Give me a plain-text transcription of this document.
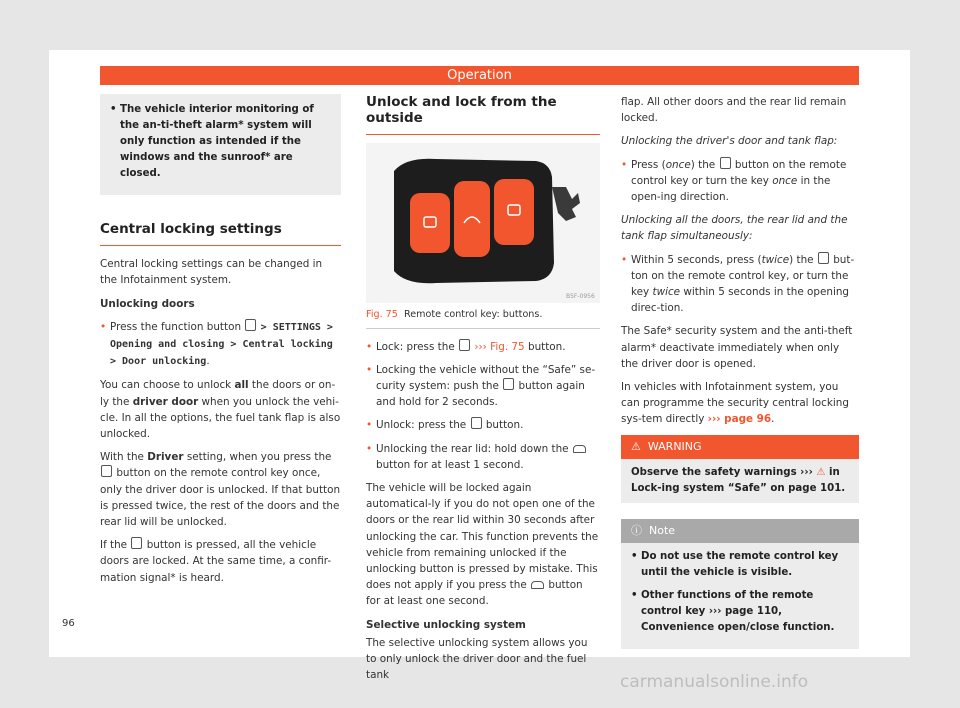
Operation
• The vehicle interior monitoring of the an-ti-theft alarm* system will only function as intended if the windows and the sunroof* are closed.
Central locking settings

Central locking settings can be changed in the Infotainment system.

Unlocking doors

• Press the function button > SETTINGS > Opening and closing > Central locking > Door unlocking.

You can choose to unlock all the doors or on-ly the driver door when you unlock the vehi-cle. In all the options, the fuel tank flap is also unlocked.

With the Driver setting, when you press the  button on the remote control key once, only the driver door is unlocked. If that button is pressed twice, the rest of the doors and the rear lid will be unlocked.

If the button is pressed, all the vehicle doors are locked. At the same time, a confir-mation signal* is heard.

Unlock and lock from the outside
B5F-0956
Fig. 75 Remote control key: buttons.
• Lock: press the ››› Fig. 75 button.
• Locking the vehicle without the “Safe” se-curity system: push the button again and hold for 2 seconds.
• Unlock: press the button.
• Unlocking the rear lid: hold down the  button for at least 1 second.

The vehicle will be locked again automatical-ly if you do not open one of the doors or the rear lid within 30 seconds after unlocking the car. This function prevents the vehicle from remaining unlocked if the unlocking button is pressed by mistake. This does not apply if you press the button for at least one second.

Selective unlocking system

The selective unlocking system allows you to only unlock the driver door and the fuel tank

flap. All other doors and the rear lid remain locked.

Unlocking the driver's door and tank flap:

• Press (once) the button on the remote control key or turn the key once in the open-ing direction.

Unlocking all the doors, the rear lid and the tank flap simultaneously:

• Within 5 seconds, press (twice) the but-ton on the remote control key, or turn the key twice within 5 seconds in the opening direc-tion.

The Safe* security system and the anti-theft alarm* deactivate immediately when only the driver door is opened.

In vehicles with Infotainment system, you can programme the security central locking sys-tem directly ››› page 96.

⚠ WARNING
Observe the safety warnings ››› ⚠ in Lock-ing system “Safe” on page 101.
ⓘ Note
• Do not use the remote control key until the vehicle is visible.
• Other functions of the remote control key ››› page 110, Convenience open/close function.
96
carmanualsonline.info
